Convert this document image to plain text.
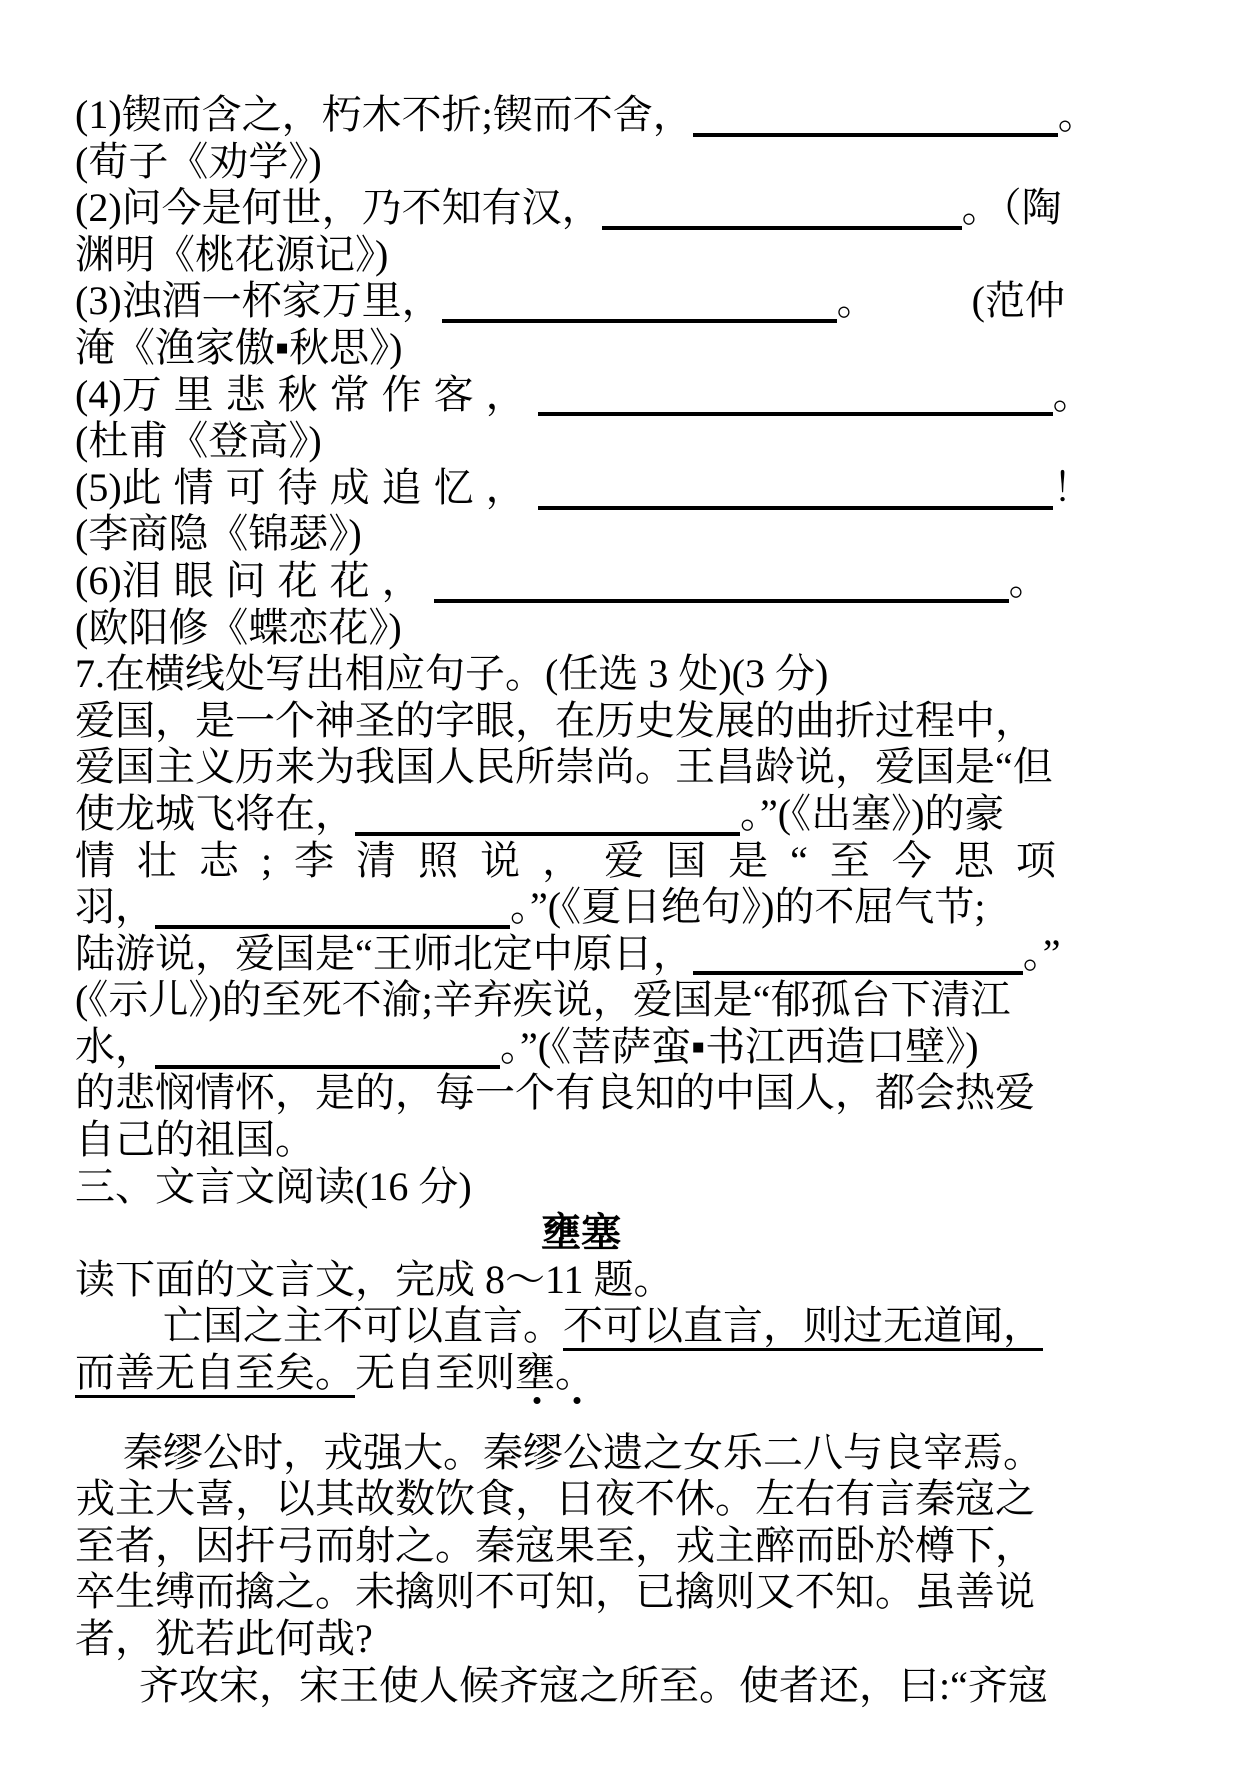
(1)锲而含之，朽木不折;锲而不舍，	。
(荀子《劝学》)
(2)问今是何世，乃不知有汉，	。（陶
渊明《桃花源记》)
(3)浊酒一杯家万里，	。 (范仲
淹《渔家傲▪秋思》)
(4)万里悲秋常作客，	。
(杜甫《登高》)
(5)此情可待成追忆，	！
(李商隐《锦瑟》)
(6)泪眼问花花，	。
(欧阳修《蝶恋花》)
7.在横线处写出相应句子。(任选 3 处)(3 分)
爱国，是一个神圣的字眼，在历史发展的曲折过程中，
爱国主义历来为我国人民所崇尚。王昌龄说，爱国是“但
使龙城飞将在，	。”(《出塞》)的豪
情壮志;李清照说，爱国是“至今思项
羽，	。”(《夏日绝句》)的不屈气节;
陆游说，爱国是“王师北定中原日，	。”
(《示儿》)的至死不渝;辛弃疾说，爱国是“郁孤台下清江
水，	。”(《菩萨蛮▪书江西造口壁》)
的悲悯情怀，是的，每一个有良知的中国人，都会热爱
自己的祖国。
三、文言文阅读(16 分)
壅塞
读下面的文言文，完成 8～11 题。
亡国之主不可以直言。不可以直言，则过无道闻，
而善无自至矣。无自至则壅。
秦缪公时，戎强大。秦缪公遗之女乐二八与良宰焉。
戎主大喜，以其故数饮食，日夜不休。左右有言秦寇之
至者，因扞弓而射之。秦寇果至，戎主醉而卧於樽下，
卒生缚而擒之。未擒则不可知，已擒则又不知。虽善说
者，犹若此何哉?
齐攻宋，宋王使人候齐寇之所至。使者还，曰:“齐寇
